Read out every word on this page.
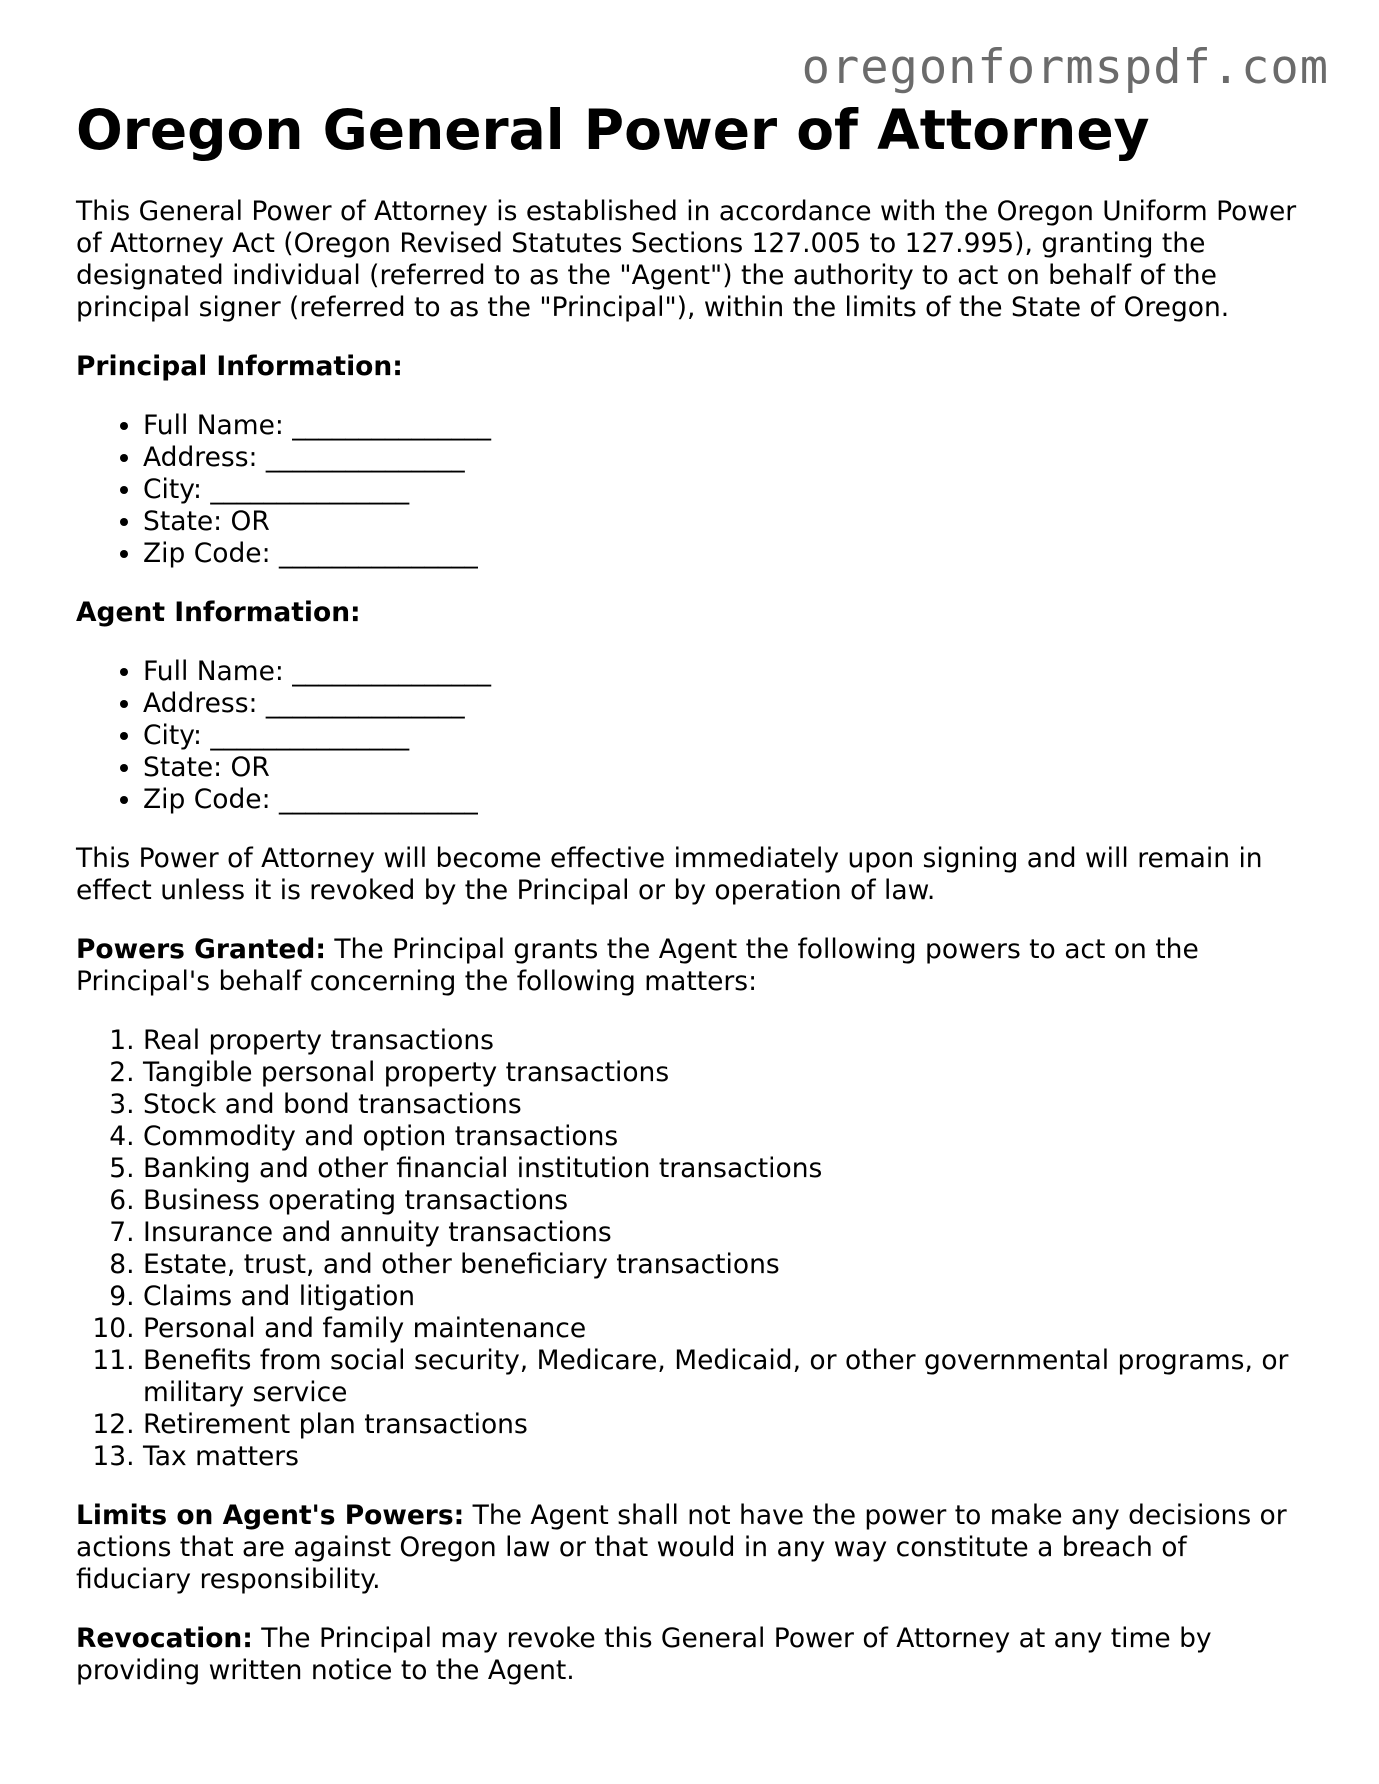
oregonformspdf.com
Oregon General Power of Attorney

This General Power of Attorney is established in accordance with the Oregon Uniform Power of Attorney Act (Oregon Revised Statutes Sections 127.005 to 127.995), granting the designated individual (referred to as the "Agent") the authority to act on behalf of the principal signer (referred to as the "Principal"), within the limits of the State of Oregon.

Principal Information:
• Full Name: _______________
• Address: _______________
• City: _______________
• State: OR
• Zip Code: _______________
Agent Information:
• Full Name: _______________
• Address: _______________
• City: _______________
• State: OR
• Zip Code: _______________

This Power of Attorney will become effective immediately upon signing and will remain in effect unless it is revoked by the Principal or by operation of law.

Powers Granted: The Principal grants the Agent the following powers to act on the Principal's behalf concerning the following matters:

1. Real property transactions
2. Tangible personal property transactions
3. Stock and bond transactions
4. Commodity and option transactions
5. Banking and other financial institution transactions
6. Business operating transactions
7. Insurance and annuity transactions
8. Estate, trust, and other beneficiary transactions
9. Claims and litigation
10. Personal and family maintenance
11. Benefits from social security, Medicare, Medicaid, or other governmental programs, or military service
12. Retirement plan transactions
13. Tax matters

Limits on Agent's Powers: The Agent shall not have the power to make any decisions or actions that are against Oregon law or that would in any way constitute a breach of fiduciary responsibility.

Revocation: The Principal may revoke this General Power of Attorney at any time by providing written notice to the Agent.
